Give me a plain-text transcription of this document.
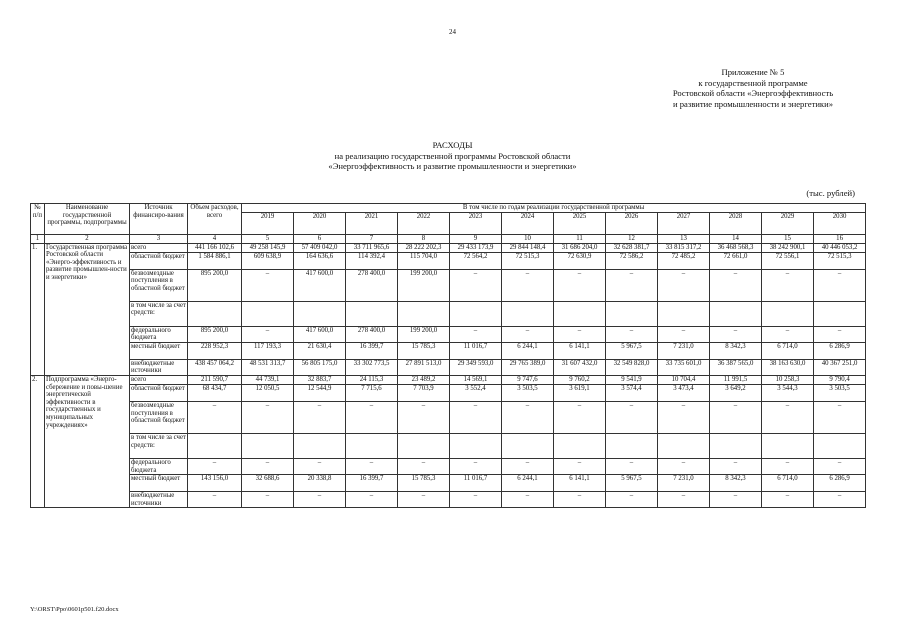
24
Приложение № 5
к государственной программе
Ростовской области «Энергоэффективность
и развитие промышленности и энергетики»
РАСХОДЫ
на реализацию государственной программы Ростовской области
«Энергоэффективность и развитие промышленности и энергетики»
(тыс. рублей)
№ п/п	Наименование государственной программы, подпрограммы	Источник финансиро-вания	Объем расходов, всего	В том числе по годам реализации государственной программы											
				2019	2020	2021	2022	2023	2024	2025	2026	2027	2028	2029	2030
1	2	3	4	5	6	7	8	9	10	11	12	13	14	15	16
1.	Государственная программа Ростовской области «Энерго-эффективность и развитие промышлен-ности и энергетики»	всего	441 166 102,6	49 258 145,9	57 409 042,0	33 711 965,6	28 222 202,3	29 433 173,9	29 844 148,4	31 686 204,0	32 628 381,7	33 815 317,2	36 468 568,3	38 242 900,1	40 446 053,2
		областной бюджет	1 584 886,1	609 638,9	164 636,6	114 392,4	115 704,0	72 564,2	72 515,3	72 630,9	72 586,2	72 485,2	72 661,0	72 556,1	72 515,3
		безвозмездные поступления в областной бюджет	895 200,0	–	417 600,0	278 400,0	199 200,0	–	–	–	–	–	–	–	–
		в том числе за счет средств:													
		федерального бюджета	895 200,0	–	417 600,0	278 400,0	199 200,0	–	–	–	–	–	–	–	–
		местный бюджет	228 952,3	117 193,3	21 630,4	16 399,7	15 785,3	11 016,7	6 244,1	6 141,1	5 967,5	7 231,0	8 342,3	6 714,0	6 286,9
		внебюджетные источники	438 457 064,2	48 531 313,7	56 805 175,0	33 302 773,5	27 891 513,0	29 349 593,0	29 765 389,0	31 607 432,0	32 549 828,0	33 735 601,0	36 387 565,0	38 163 630,0	40 367 251,0
2.	Подпрограмма «Энерго-сбережение и повы-шение энергетической эффективности в государственных и муниципальных учреждениях»	всего	211 590,7	44 739,1	32 883,7	24 115,3	23 489,2	14 569,1	9 747,6	9 760,2	9 541,9	10 704,4	11 991,5	10 258,3	9 790,4
		областной бюджет	68 434,7	12 050,5	12 544,9	7 715,6	7 703,9	3 552,4	3 503,5	3 619,1	3 574,4	3 473,4	3 649,2	3 544,3	3 503,5
		безвозмездные поступления в областной бюджет	–	–	–	–	–	–	–	–	–	–	–	–	–
		в том числе за счет средств:													
		федерального бюджета	–	–	–	–	–	–	–	–	–	–	–	–	–
		местный бюджет	143 156,0	32 688,6	20 338,8	16 399,7	15 785,3	11 016,7	6 244,1	6 141,1	5 967,5	7 231,0	8 342,3	6 714,0	6 286,9
		внебюджетные источники	–	–	–	–	–	–	–	–	–	–	–	–	–
Y:\ORST\Ppo\0601p501.f20.docx
